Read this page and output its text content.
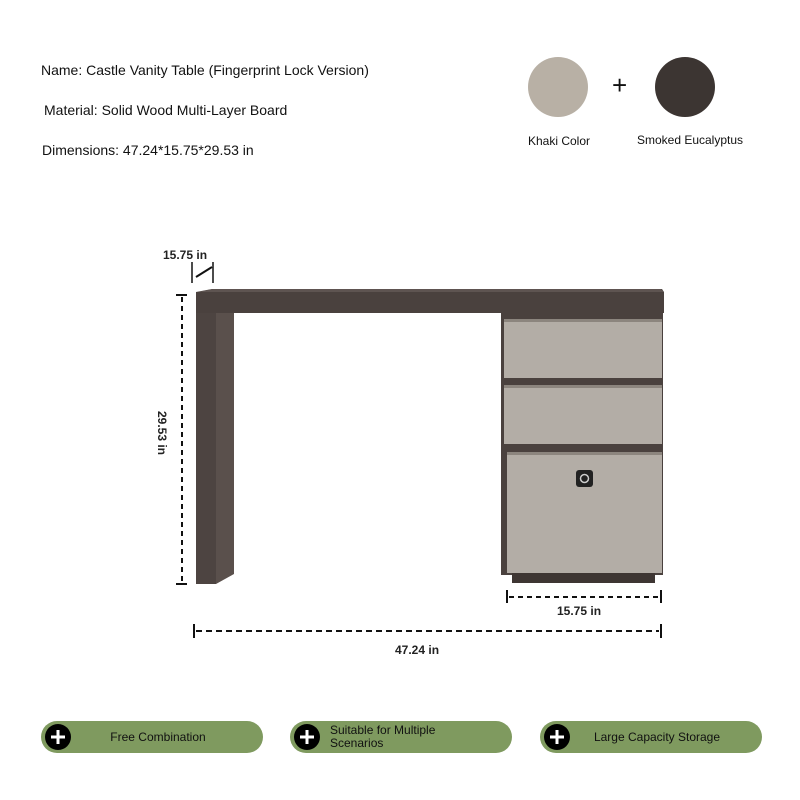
Name: Castle Vanity Table (Fingerprint Lock Version)
Material: Solid Wood Multi-Layer Board
Dimensions: 47.24*15.75*29.53 in
+
Khaki Color	Smoked Eucalyptus
15.75 in
29.53 in
15.75 in
47.24 in
Free Combination	Suitable for Multiple Scenarios	Large Capacity Storage
